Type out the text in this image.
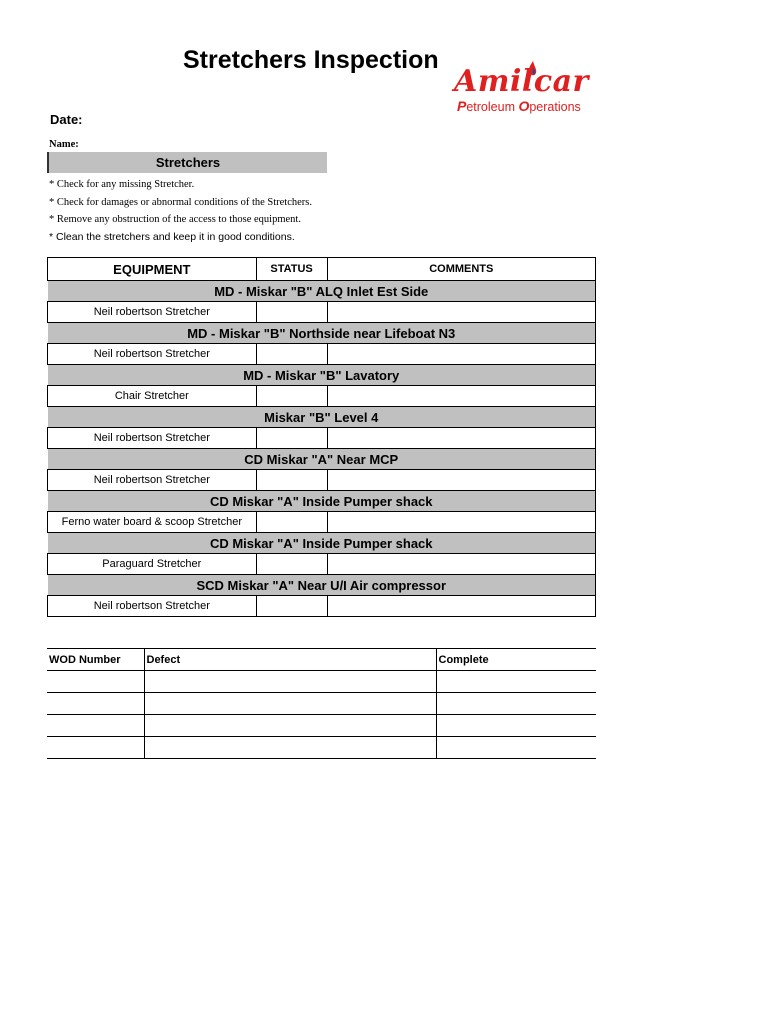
Stretchers Inspection
Amilcar
Petroleum Operations
Date:
Name:
Stretchers
* Check for any missing Stretcher.
* Check for damages or abnormal conditions of the Stretchers.
* Remove any obstruction of the access to those equipment.
* Clean the stretchers and keep it in good conditions.
EQUIPMENT	STATUS	COMMENTS
MD - Miskar "B" ALQ Inlet Est Side		
Neil robertson Stretcher		
MD - Miskar "B" Northside near Lifeboat N3		
Neil robertson Stretcher		
MD - Miskar "B" Lavatory		
Chair Stretcher		
Miskar "B" Level 4		
Neil robertson Stretcher		
CD Miskar "A" Near MCP		
Neil robertson Stretcher		
CD Miskar "A" Inside Pumper shack		
Ferno water board & scoop Stretcher		
CD Miskar "A" Inside Pumper shack		
Paraguard Stretcher		
SCD Miskar "A" Near U/I Air compressor		
Neil robertson Stretcher		
WOD Number	Defect	Complete
